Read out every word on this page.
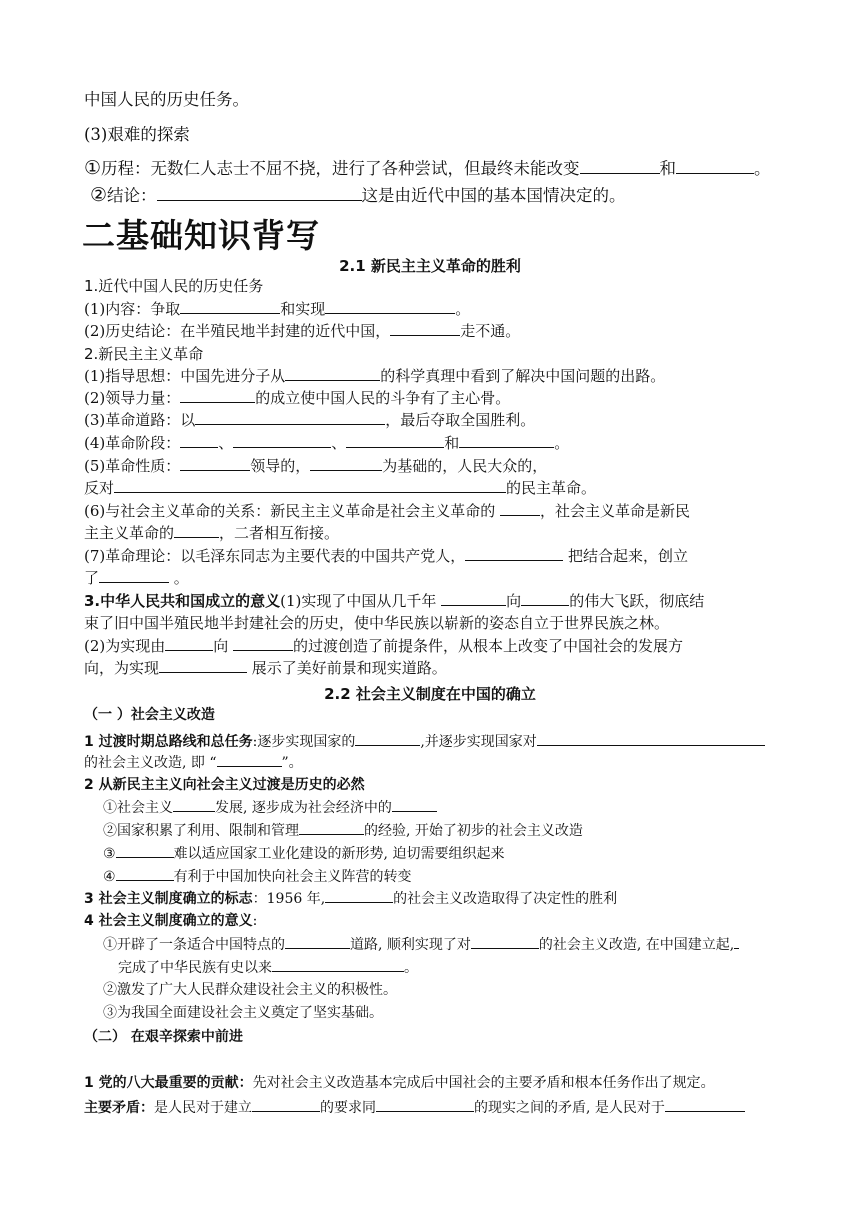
中国人民的历史任务。
(3)艰难的探索
①历程：无数仁人志士不屈不挠，进行了各种尝试，但最终未能改变	和	。
②结论：	这是由近代中国的基本国情决定的。
二基础知识背写
2.1 新民主主义革命的胜利
1.近代中国人民的历史任务
(1)内容：争取	和实现	。
(2)历史结论：在半殖民地半封建的近代中国，	走不通。
2.新民主主义革命
(1)指导思想：中国先进分子从	的科学真理中看到了解决中国问题的出路。
(2)领导力量：	的成立使中国人民的斗争有了主心骨。
(3)革命道路：以	，最后夺取全国胜利。
(4)革命阶段：	、	、	和	。
(5)革命性质：	领导的，	为基础的，人民大众的，
反对	的民主革命。
(6)与社会主义革命的关系：新民主主义革命是社会主义革命的	，社会主义革命是新民
主主义革命的	，二者相互衔接。
(7)革命理论：以毛泽东同志为主要代表的中国共产党人，	把结合起来，创立
了	。
3.中华人民共和国成立的意义(1)实现了中国从几千年	向	的伟大飞跃，彻底结
束了旧中国半殖民地半封建社会的历史，使中华民族以崭新的姿态自立于世界民族之林。
(2)为实现由	向	的过渡创造了前提条件，从根本上改变了中国社会的发展方
向，为实现	展示了美好前景和现实道路。
2.2 社会主义制度在中国的确立
（一 ）社会主义改造
1 过渡时期总路线和总任务:逐步实现国家的	,并逐步实现国家对
的社会主义改造, 即 “	”。
2 从新民主主义向社会主义过渡是历史的必然
①社会主义	发展, 逐步成为社会经济中的
②国家积累了利用、限制和管理	的经验, 开始了初步的社会主义改造
③	难以适应国家工业化建设的新形势, 迫切需要组织起来
④	有利于中国加快向社会主义阵营的转变
3 社会主义制度确立的标志：1956 年,	的社会主义改造取得了决定性的胜利
4 社会主义制度确立的意义:
①开辟了一条适合中国特点的	道路, 顺利实现了对	的社会主义改造, 在中国建立起,
完成了中华民族有史以来	。
②激发了广大人民群众建设社会主义的积极性。
③为我国全面建设社会主义奠定了坚实基础。
（二） 在艰辛探索中前进
1 党的八大最重要的贡献：先对社会主义改造基本完成后中国社会的主要矛盾和根本任务作出了规定。
主要矛盾：是人民对于建立	的要求同	的现实之间的矛盾, 是人民对于
